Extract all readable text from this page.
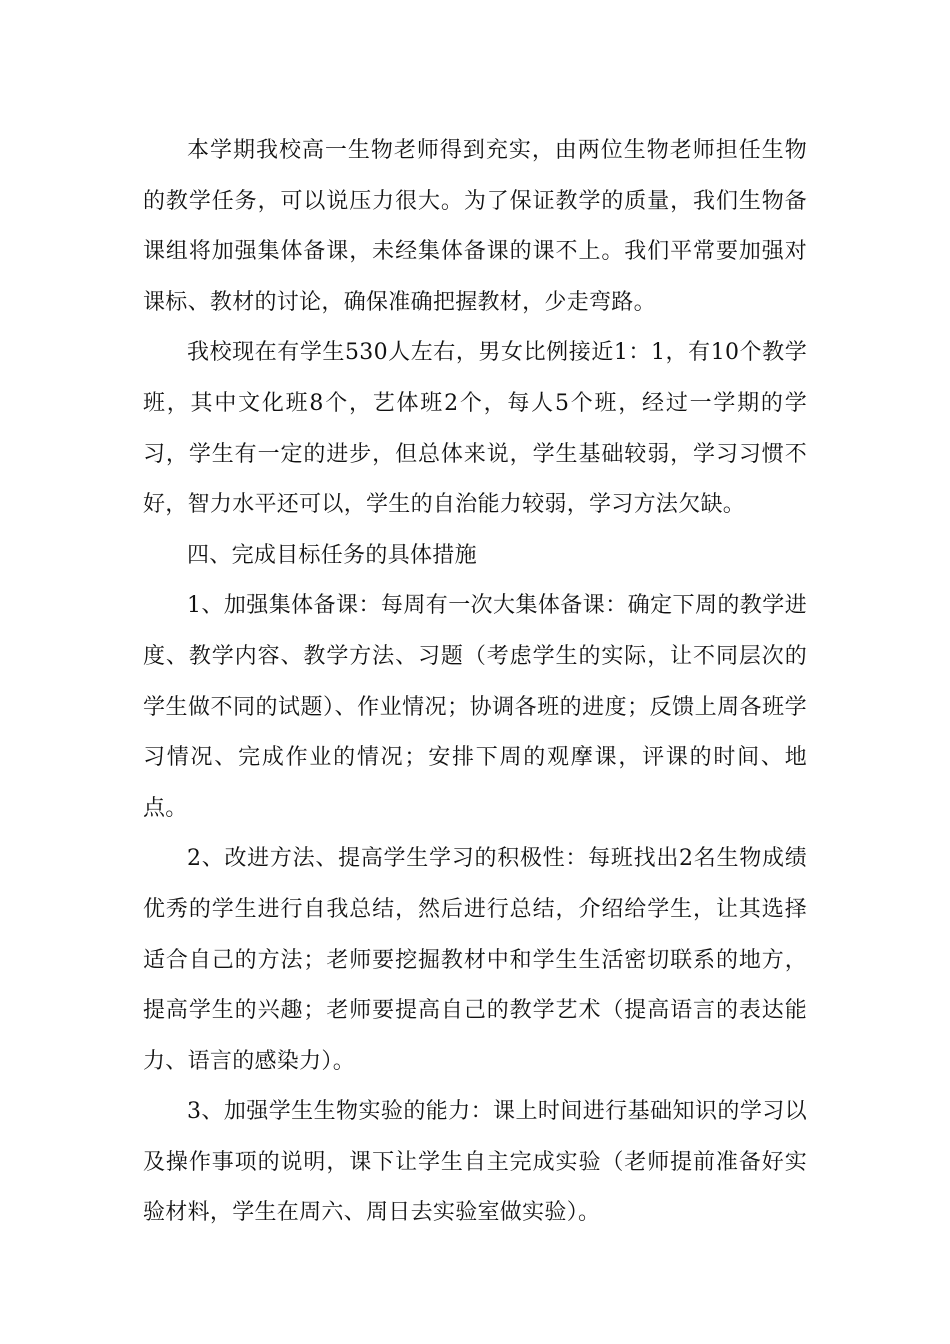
本学期我校高一生物老师得到充实，由两位生物老师担任生物的教学任务，可以说压力很大。为了保证教学的质量，我们生物备课组将加强集体备课，未经集体备课的课不上。我们平常要加强对课标、教材的讨论，确保准确把握教材，少走弯路。

我校现在有学生530人左右，男女比例接近1：1，有10个教学班，其中文化班8个，艺体班2个，每人5个班，经过一学期的学习，学生有一定的进步，但总体来说，学生基础较弱，学习习惯不好，智力水平还可以，学生的自治能力较弱，学习方法欠缺。

四、完成目标任务的具体措施

1、加强集体备课：每周有一次大集体备课：确定下周的教学进度、教学内容、教学方法、习题（考虑学生的实际，让不同层次的学生做不同的试题）、作业情况；协调各班的进度；反馈上周各班学习情况、完成作业的情况；安排下周的观摩课，评课的时间、地点。

2、改进方法、提高学生学习的积极性：每班找出2名生物成绩优秀的学生进行自我总结，然后进行总结，介绍给学生，让其选择适合自己的方法；老师要挖掘教材中和学生生活密切联系的地方，提高学生的兴趣；老师要提高自己的教学艺术（提高语言的表达能力、语言的感染力）。

3、加强学生生物实验的能力：课上时间进行基础知识的学习以及操作事项的说明，课下让学生自主完成实验（老师提前准备好实验材料，学生在周六、周日去实验室做实验）。
